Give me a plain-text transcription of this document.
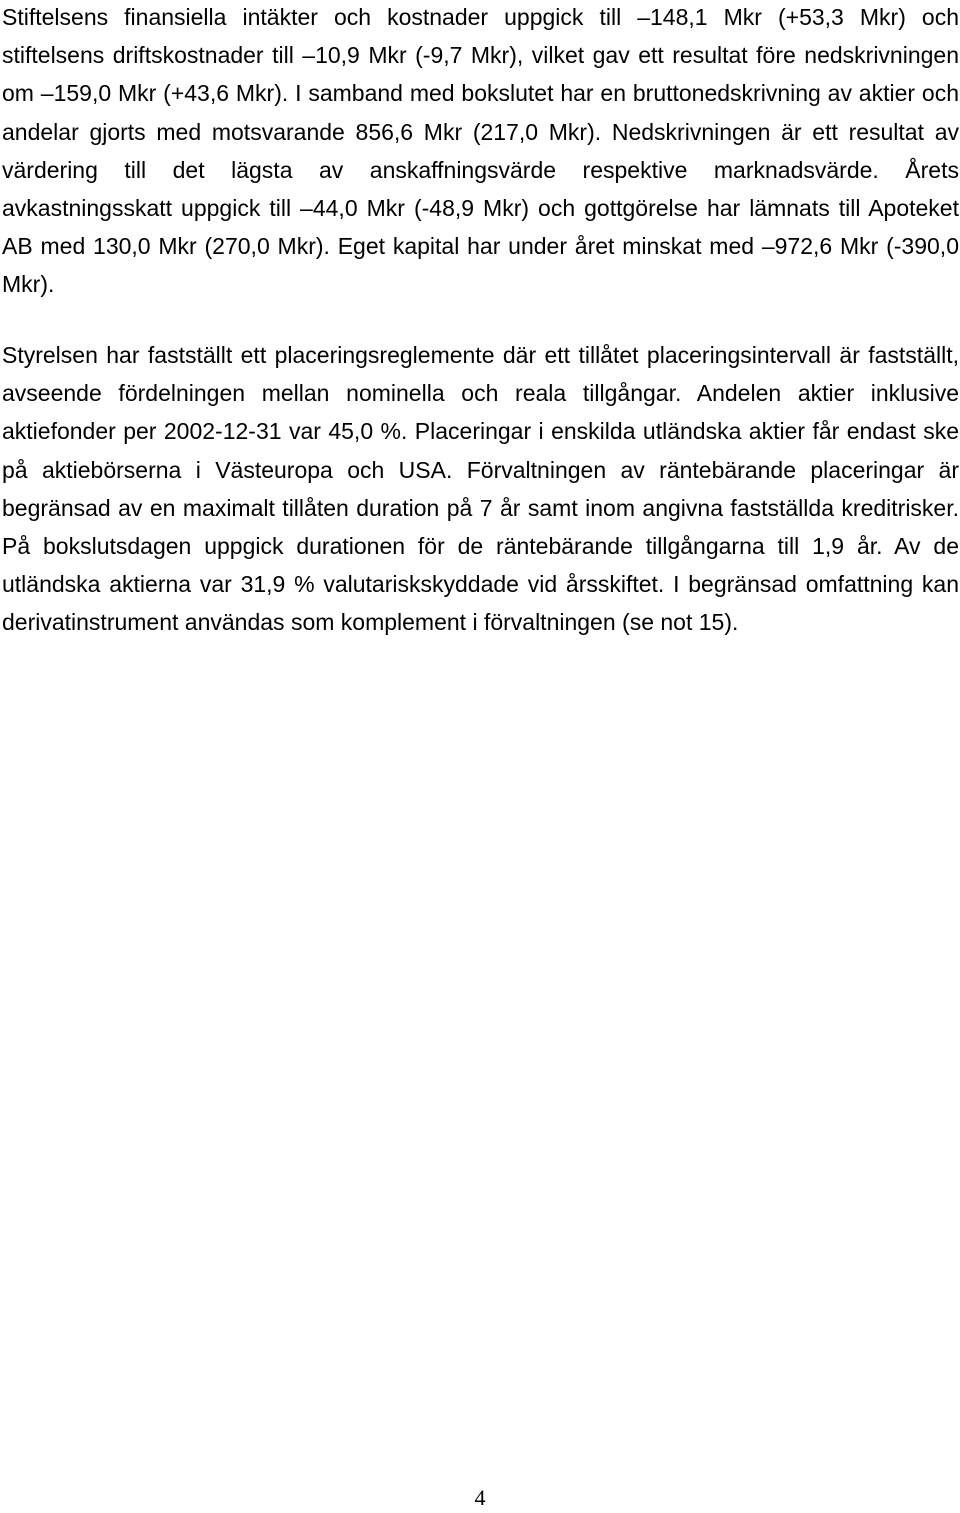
Stiftelsens finansiella intäkter och kostnader uppgick till –148,1 Mkr (+53,3 Mkr) och stiftelsens driftskostnader till –10,9 Mkr (-9,7 Mkr), vilket gav ett resultat före nedskrivningen om –159,0 Mkr (+43,6 Mkr). I samband med bokslutet har en bruttonedskrivning av aktier och andelar gjorts med motsvarande 856,6 Mkr (217,0 Mkr). Nedskrivningen är ett resultat av värdering till det lägsta av anskaffningsvärde respektive marknadsvärde. Årets avkastningsskatt uppgick till –44,0 Mkr (-48,9 Mkr) och gottgörelse har lämnats till Apoteket AB med 130,0 Mkr (270,0 Mkr). Eget kapital har under året minskat med –972,6 Mkr (-390,0 Mkr).

Styrelsen har fastställt ett placeringsreglemente där ett tillåtet placeringsintervall är fastställt, avseende fördelningen mellan nominella och reala tillgångar. Andelen aktier inklusive aktiefonder per 2002-12-31 var 45,0 %. Placeringar i enskilda utländska aktier får endast ske på aktiebörserna i Västeuropa och USA. Förvaltningen av räntebärande placeringar är begränsad av en maximalt tillåten duration på 7 år samt inom angivna fastställda kreditrisker. På bokslutsdagen uppgick durationen för de räntebärande tillgångarna till 1,9 år. Av de utländska aktierna var 31,9 % valutariskskyddade vid årsskiftet. I begränsad omfattning kan derivatinstrument användas som komplement i förvaltningen (se not 15).

4
